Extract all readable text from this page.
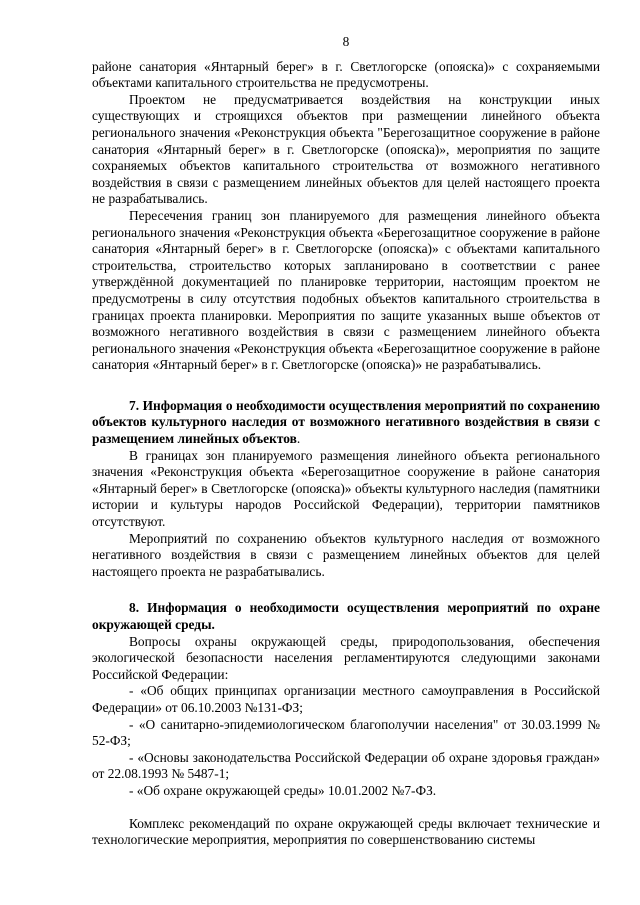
8

районе санатория «Янтарный берег» в г. Светлогорске (опояска)» с сохраняемыми объектами капитального строительства не предусмотрены.

Проектом не предусматривается воздействия на конструкции иных существующих и строящихся объектов при размещении линейного объекта регионального значения «Реконструкция объекта "Берегозащитное сооружение в районе санатория «Янтарный берег» в г. Светлогорске (опояска)», мероприятия по защите сохраняемых объектов капитального строительства от возможного негативного воздействия в связи с размещением линейных объектов для целей настоящего проекта не разрабатывались.

Пересечения границ зон планируемого для размещения линейного объекта регионального значения «Реконструкция объекта «Берегозащитное сооружение в районе санатория «Янтарный берег» в г. Светлогорске (опояска)» с объектами капитального строительства, строительство которых запланировано в соответствии с ранее утверждённой документацией по планировке территории, настоящим проектом не предусмотрены в силу отсутствия подобных объектов капитального строительства в границах проекта планировки. Мероприятия по защите указанных выше объектов от возможного негативного воздействия в связи с размещением линейного объекта регионального значения «Реконструкция объекта «Берегозащитное сооружение в районе санатория «Янтарный берег» в г. Светлогорске (опояска)» не разрабатывались.

7. Информация о необходимости осуществления мероприятий по сохранению объектов культурного наследия от возможного негативного воздействия в связи с размещением линейных объектов.

В границах зон планируемого размещения линейного объекта регионального значения «Реконструкция объекта «Берегозащитное сооружение в районе санатория «Янтарный берег» в Светлогорске (опояска)» объекты культурного наследия (памятники истории и культуры народов Российской Федерации), территории памятников отсутствуют.

Мероприятий по сохранению объектов культурного наследия от возможного негативного воздействия в связи с размещением линейных объектов для целей настоящего проекта не разрабатывались.

8. Информация о необходимости осуществления мероприятий по охране окружающей среды.

Вопросы охраны окружающей среды, природопользования, обеспечения экологической безопасности населения регламентируются следующими законами Российской Федерации:

- «Об общих принципах организации местного самоуправления в Российской Федерации» от 06.10.2003 №131-ФЗ;

- «О санитарно-эпидемиологическом благополучии населения" от 30.03.1999 № 52-ФЗ;

- «Основы законодательства Российской Федерации об охране здоровья граждан» от 22.08.1993 № 5487-1;

- «Об охране окружающей среды» 10.01.2002 №7-ФЗ.

Комплекс рекомендаций по охране окружающей среды включает технические и технологические мероприятия, мероприятия по совершенствованию системы
